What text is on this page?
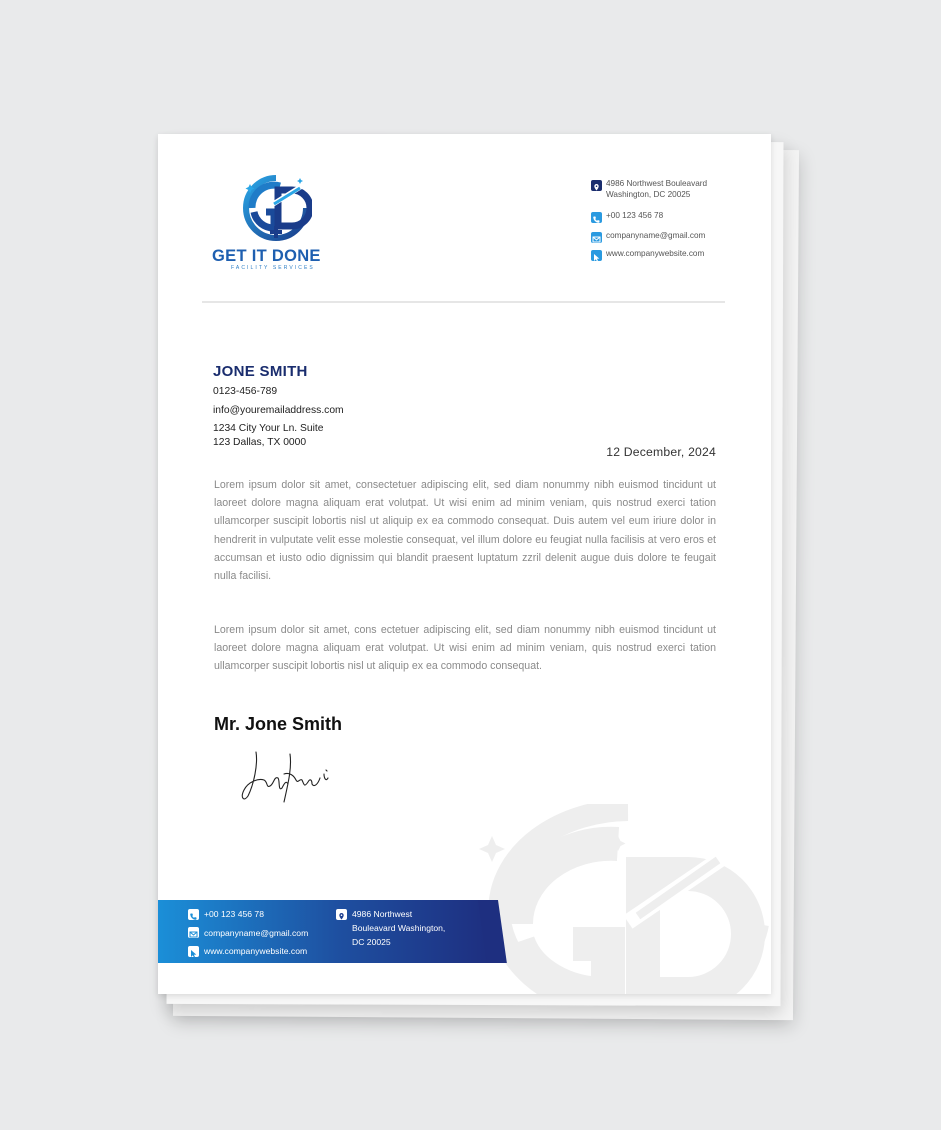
GET IT DONE
FACILITY SERVICES
4986 Northwest Bouleavard
Washington, DC 20025
+00 123 456 78
companyname@gmail.com
www.companywebsite.com
JONE SMITH
0123-456-789
info@youremailaddress.com
1234 City Your Ln. Suite
123 Dallas, TX 0000
12 December, 2024
Lorem ipsum dolor sit amet, consectetuer adipiscing elit, sed diam nonummy nibh euismod tincidunt ut laoreet dolore magna aliquam erat volutpat. Ut wisi enim ad minim veniam, quis nostrud exerci tation ullamcorper suscipit lobortis nisl ut aliquip ex ea commodo consequat. Duis autem vel eum iriure dolor in hendrerit in vulputate velit esse molestie consequat, vel illum dolore eu feugiat nulla facilisis at vero eros et accumsan et iusto odio dignissim qui blandit praesent luptatum zzril delenit augue duis dolore te feugait nulla facilisi.
Lorem ipsum dolor sit amet, cons ectetuer adipiscing elit, sed diam nonummy nibh euismod tincidunt ut laoreet dolore magna aliquam erat volutpat. Ut wisi enim ad minim veniam, quis nostrud exerci tation ullamcorper suscipit lobortis nisl ut aliquip ex ea commodo consequat.
Mr. Jone Smith
+00 123 456 78
companyname@gmail.com
www.companywebsite.com
4986 Northwest
Bouleavard Washington,
DC 20025
